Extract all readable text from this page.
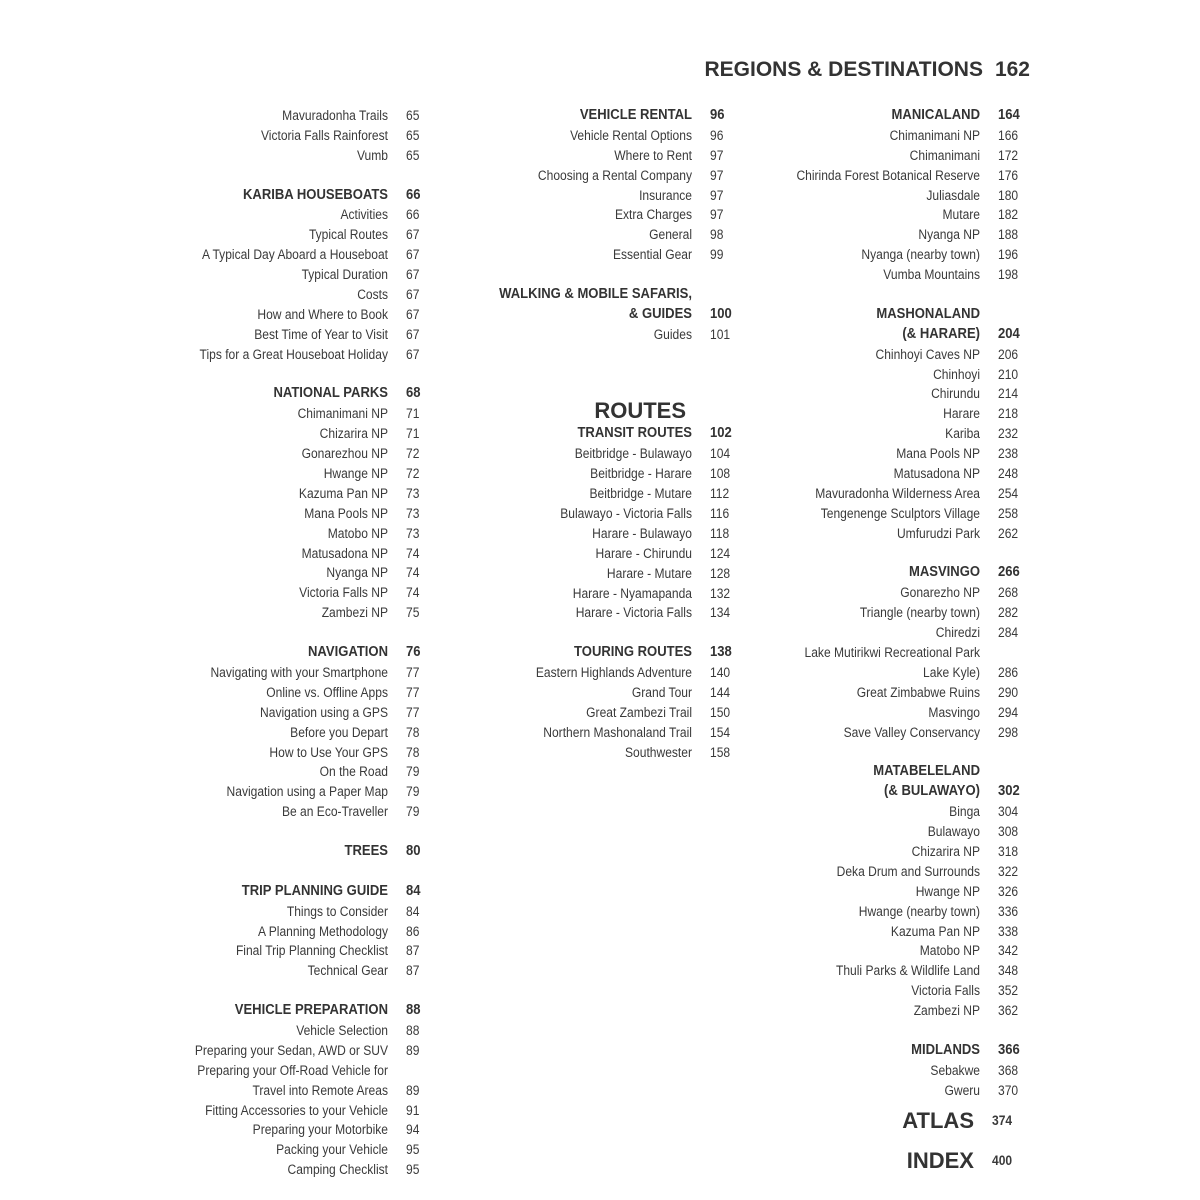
REGIONS & DESTINATIONS 162
Mavuradonha Trails	65
Victoria Falls Rainforest	65
Vumb	65
KARIBA HOUSEBOATS	66
Activities	66
Typical Routes	67
A Typical Day Aboard a Houseboat	67
Typical Duration	67
Costs	67
How and Where to Book	67
Best Time of Year to Visit	67
Tips for a Great Houseboat Holiday	67
NATIONAL PARKS	68
Chimanimani NP	71
Chizarira NP	71
Gonarezhou NP	72
Hwange NP	72
Kazuma Pan NP	73
Mana Pools NP	73
Matobo NP	73
Matusadona NP	74
Nyanga NP	74
Victoria Falls NP	74
Zambezi NP	75
NAVIGATION	76
Navigating with your Smartphone	77
Online vs. Offline Apps	77
Navigation using a GPS	77
Before you Depart	78
How to Use Your GPS	78
On the Road	79
Navigation using a Paper Map	79
Be an Eco-Traveller	79
TREES	80
TRIP PLANNING GUIDE	84
Things to Consider	84
A Planning Methodology	86
Final Trip Planning Checklist	87
Technical Gear	87
VEHICLE PREPARATION	88
Vehicle Selection	88
Preparing your Sedan, AWD or SUV	89
Preparing your Off-Road Vehicle for
Travel into Remote Areas	89
Fitting Accessories to your Vehicle	91
Preparing your Motorbike	94
Packing your Vehicle	95
Camping Checklist	95
VEHICLE RENTAL	96
Vehicle Rental Options	96
Where to Rent	97
Choosing a Rental Company	97
Insurance	97
Extra Charges	97
General	98
Essential Gear	99
WALKING & MOBILE SAFARIS,
& GUIDES	100
Guides	101
ROUTES
TRANSIT ROUTES	102
Beitbridge - Bulawayo	104
Beitbridge - Harare	108
Beitbridge - Mutare	112
Bulawayo - Victoria Falls	116
Harare - Bulawayo	118
Harare - Chirundu	124
Harare - Mutare	128
Harare - Nyamapanda	132
Harare - Victoria Falls	134
TOURING ROUTES	138
Eastern Highlands Adventure	140
Grand Tour	144
Great Zambezi Trail	150
Northern Mashonaland Trail	154
Southwester	158
MANICALAND	164
Chimanimani NP	166
Chimanimani	172
Chirinda Forest Botanical Reserve	176
Juliasdale	180
Mutare	182
Nyanga NP	188
Nyanga (nearby town)	196
Vumba Mountains	198
MASHONALAND
(& HARARE)	204
Chinhoyi Caves NP	206
Chinhoyi	210
Chirundu	214
Harare	218
Kariba	232
Mana Pools NP	238
Matusadona NP	248
Mavuradonha Wilderness Area	254
Tengenenge Sculptors Village	258
Umfurudzi Park	262
MASVINGO	266
Gonarezho NP	268
Triangle (nearby town)	282
Chiredzi	284
Lake Mutirikwi Recreational Park
Lake Kyle)	286
Great Zimbabwe Ruins	290
Masvingo	294
Save Valley Conservancy	298
MATABELELAND
(& BULAWAYO)	302
Binga	304
Bulawayo	308
Chizarira NP	318
Deka Drum and Surrounds	322
Hwange NP	326
Hwange (nearby town)	336
Kazuma Pan NP	338
Matobo NP	342
Thuli Parks & Wildlife Land	348
Victoria Falls	352
Zambezi NP	362
MIDLANDS	366
Sebakwe	368
Gweru	370
ATLAS	374
INDEX	400
